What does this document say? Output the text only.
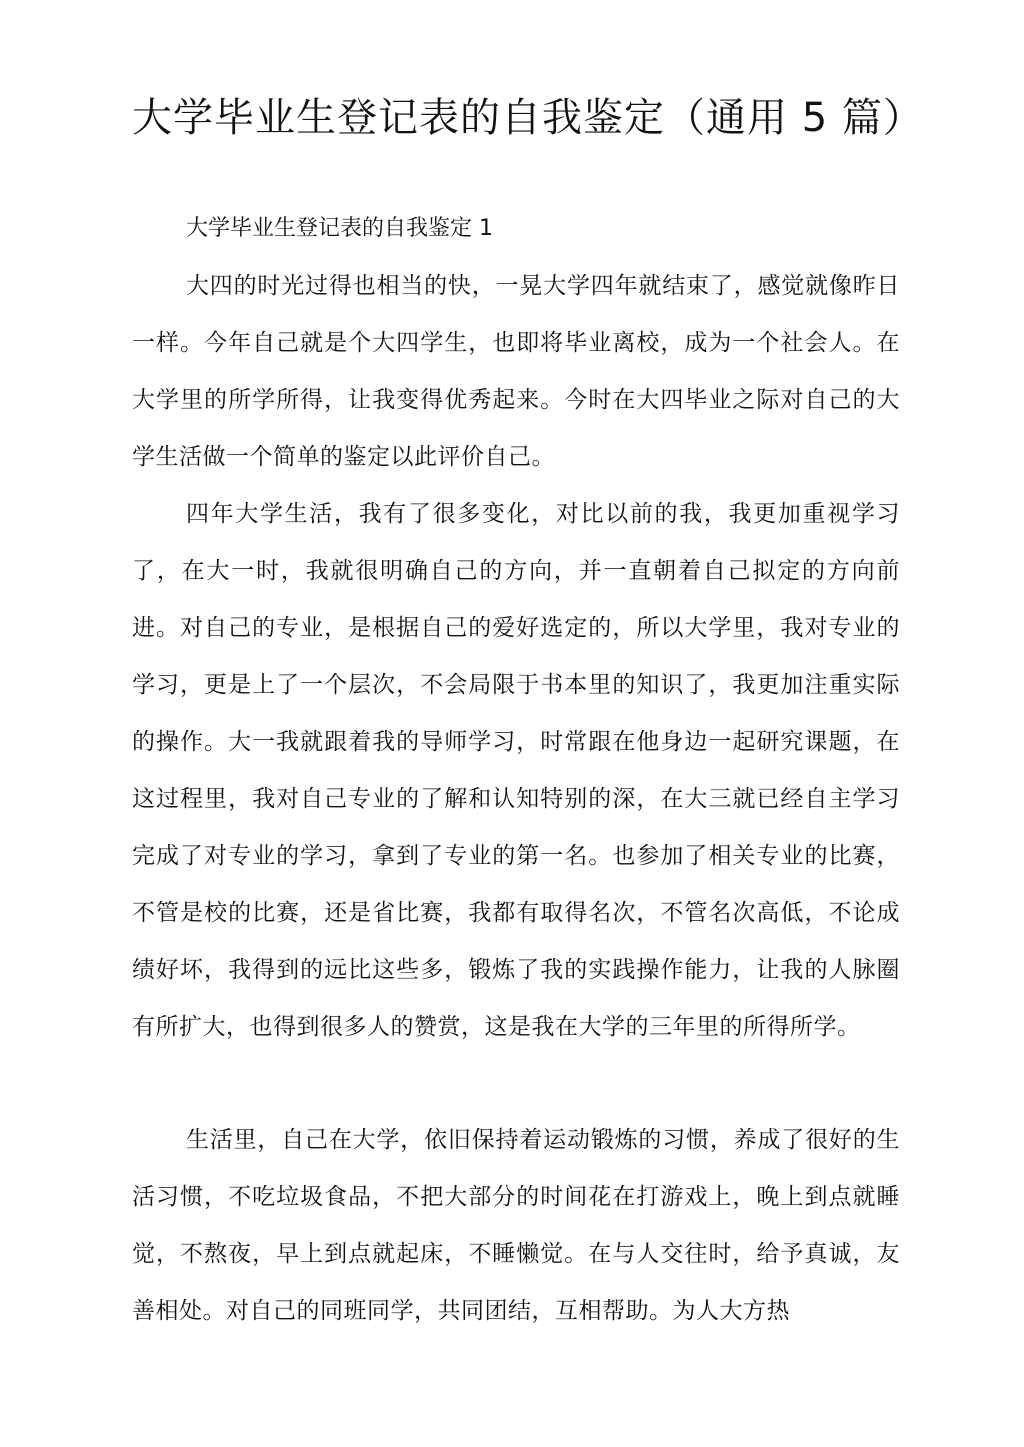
大学毕业生登记表的自我鉴定（通用 5 篇）

大学毕业生登记表的自我鉴定 1

大四的时光过得也相当的快，一晃大学四年就结束了，感觉就像昨日一样。今年自己就是个大四学生，也即将毕业离校，成为一个社会人。在大学里的所学所得，让我变得优秀起来。今时在大四毕业之际对自己的大学生活做一个简单的鉴定以此评价自己。

四年大学生活，我有了很多变化，对比以前的我，我更加重视学习了，在大一时，我就很明确自己的方向，并一直朝着自己拟定的方向前进。对自己的专业，是根据自己的爱好选定的，所以大学里，我对专业的学习，更是上了一个层次，不会局限于书本里的知识了，我更加注重实际的操作。大一我就跟着我的导师学习，时常跟在他身边一起研究课题，在这过程里，我对自己专业的了解和认知特别的深，在大三就已经自主学习完成了对专业的学习，拿到了专业的第一名。也参加了相关专业的比赛，不管是校的比赛，还是省比赛，我都有取得名次，不管名次高低，不论成绩好坏，我得到的远比这些多，锻炼了我的实践操作能力，让我的人脉圈有所扩大，也得到很多人的赞赏，这是我在大学的三年里的所得所学。

生活里，自己在大学，依旧保持着运动锻炼的习惯，养成了很好的生活习惯，不吃垃圾食品，不把大部分的时间花在打游戏上，晚上到点就睡觉，不熬夜，早上到点就起床，不睡懒觉。在与人交往时，给予真诚，友善相处。对自己的同班同学，共同团结，互相帮助。为人大方热
